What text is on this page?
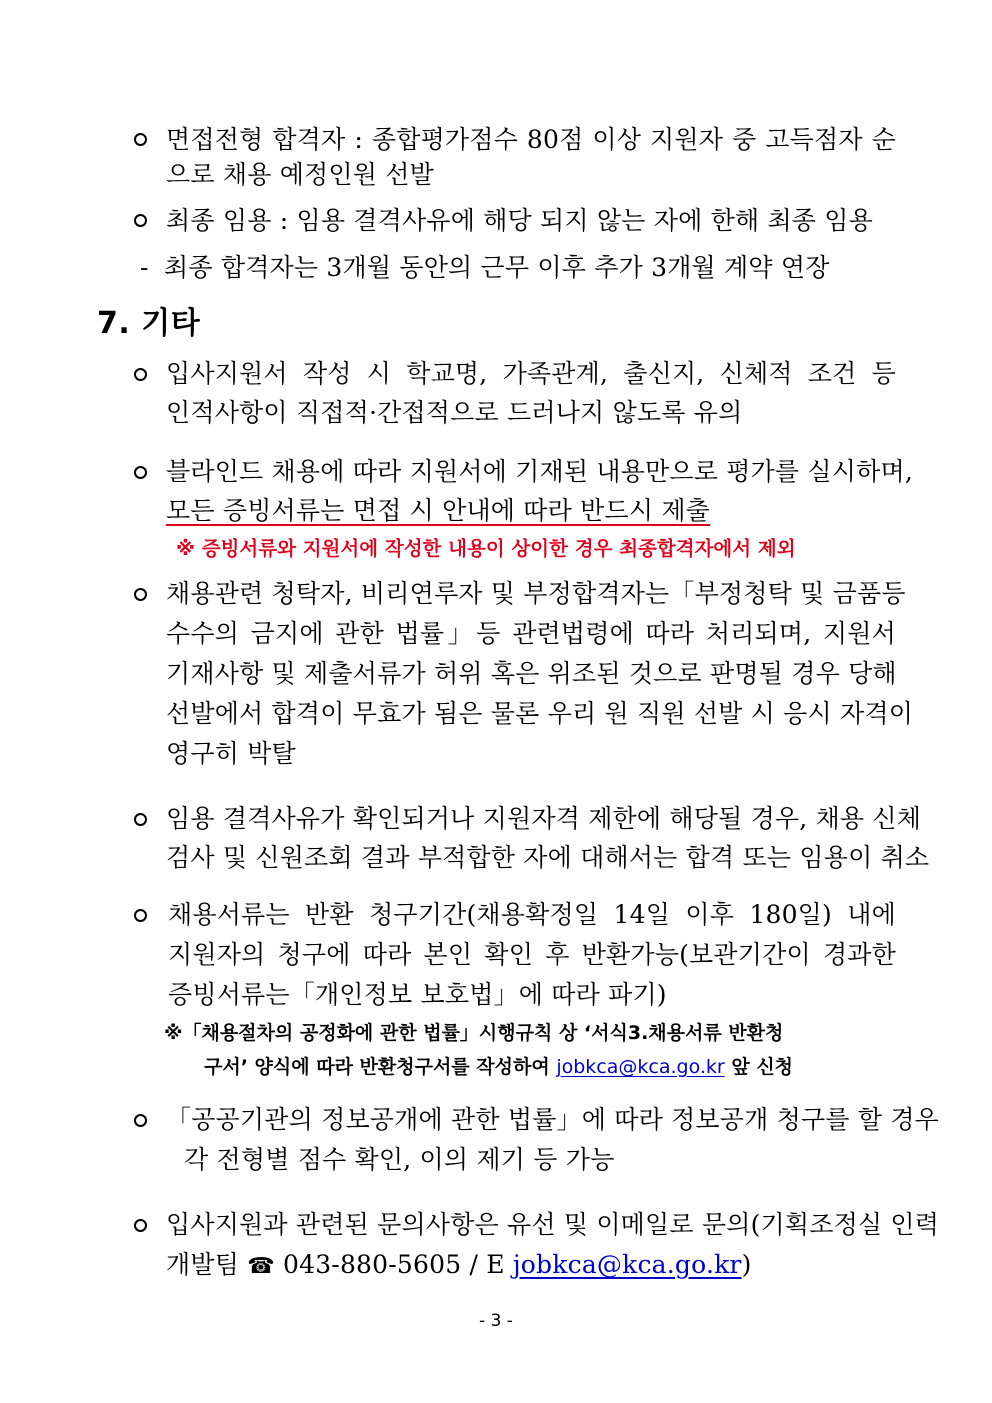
면접전형 합격자 : 종합평가점수 80점 이상 지원자 중 고득점자 순
으로 채용 예정인원 선발
최종 임용 : 임용 결격사유에 해당 되지 않는 자에 한해 최종 임용
- 최종 합격자는 3개월 동안의 근무 이후 추가 3개월 계약 연장
7. 기타
입사지원서 작성 시 학교명, 가족관계, 출신지, 신체적 조건 등
인적사항이 직접적·간접적으로 드러나지 않도록 유의
블라인드 채용에 따라 지원서에 기재된 내용만으로 평가를 실시하며,
모든 증빙서류는 면접 시 안내에 따라 반드시 제출
※ 증빙서류와 지원서에 작성한 내용이 상이한 경우 최종합격자에서 제외
채용관련 청탁자, 비리연루자 및 부정합격자는「부정청탁 및 금품등
수수의 금지에 관한 법률」등 관련법령에 따라 처리되며, 지원서
기재사항 및 제출서류가 허위 혹은 위조된 것으로 판명될 경우 당해
선발에서 합격이 무효가 됨은 물론 우리 원 직원 선발 시 응시 자격이
영구히 박탈
임용 결격사유가 확인되거나 지원자격 제한에 해당될 경우, 채용 신체
검사 및 신원조회 결과 부적합한 자에 대해서는 합격 또는 임용이 취소
채용서류는 반환 청구기간(채용확정일 14일 이후 180일) 내에
지원자의 청구에 따라 본인 확인 후 반환가능(보관기간이 경과한
증빙서류는「개인정보 보호법」에 따라 파기)
※「채용절차의 공정화에 관한 법률」시행규칙 상 ‘서식3.채용서류 반환청
구서’ 양식에 따라 반환청구서를 작성하여 jobkca@kca.go.kr 앞 신청
「공공기관의 정보공개에 관한 법률」에 따라 정보공개 청구를 할 경우
각 전형별 점수 확인, 이의 제기 등 가능
입사지원과 관련된 문의사항은 유선 및 이메일로 문의(기획조정실 인력
개발팀 ☎ 043-880-5605 / E jobkca@kca.go.kr)
- 3 -
